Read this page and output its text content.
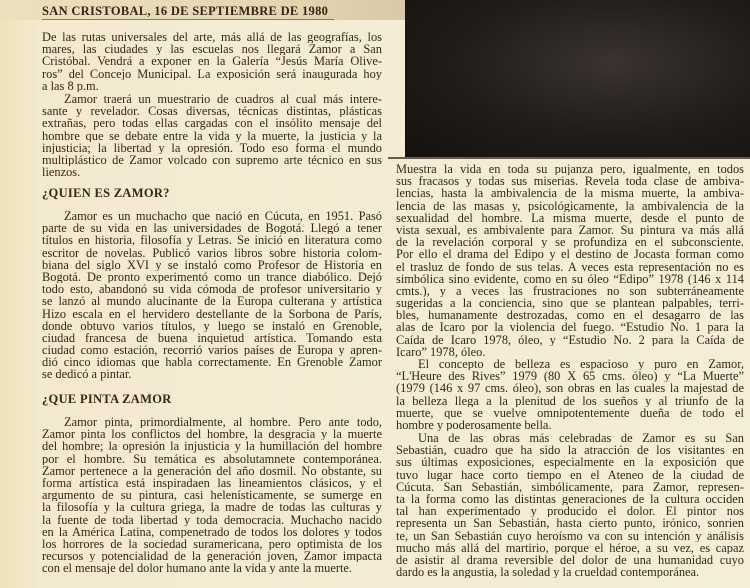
SAN CRISTOBAL, 16 DE SEPTIEMBRE DE 1980
De las rutas universales del arte, más allá de las geografías, los
mares, las ciudades y las escuelas nos llegará Zamor a San
Cristóbal. Vendrá a exponer en la Galería “Jesús María Olive-
ros” del Concejo Municipal. La exposición será inaugurada hoy
a las 8 p.m.
Zamor traerá un muestrario de cuadros al cual más intere-
sante y revelador. Cosas diversas, técnicas distintas, plásticas
extrañas, pero todas ellas cargadas con el insólito mensaje del
hombre que se debate entre la vida y la muerte, la justicia y la
injusticia; la libertad y la opresión. Todo eso forma el mundo
multiplástico de Zamor volcado con supremo arte técnico en sus
lienzos.
¿QUIEN ES ZAMOR?
Zamor es un muchacho que nació en Cúcuta, en 1951. Pasó
parte de su vida en las universidades de Bogotá. Llegó a tener
títulos en historia, filosofía y Letras. Se inició en literatura como
escritor de novelas. Publicó varios libros sobre historia colom-
biana del siglo XVI y se instaló como Profesor de Historia en
Bogotá. De pronto experimentó como un trance diabólico. Dejó
todo esto, abandonó su vida cómoda de profesor universitario y
se lanzó al mundo alucinante de la Europa culterana y artística
Hizo escala en el hervidero destellante de la Sorbona de París,
donde obtuvo varios títulos, y luego se instaló en Grenoble,
ciudad francesa de buena inquietud artística. Tomando esta
ciudad como estación, recorrió varios países de Europa y apren-
dió cinco idiomas que habla correctamente. En Grenoble Zamor
se dedicó a pintar.
¿QUE PINTA ZAMOR
Zamor pinta, primordialmente, al hombre. Pero ante todo,
Zamor pinta los conflictos del hombre, la desgracia y la muerte
del hombre; la opresión la injusticia y la humillación del hombre
por el hombre. Su temática es absolutamnete contemporánea.
Zamor pertenece a la generación del año dosmil. No obstante, su
forma artística está inspiradaen las lineamientos clásicos, y el
argumento de su pintura, casi helenísticamente, se sumerge en
la filosofía y la cultura griega, la madre de todas las culturas y
la fuente de toda libertad y toda democracia. Muchacho nacido
en la América Latina, compenetrado de todos los dolores y todos
los horrores de la sociedad suramericana, pero optimista de los
recursos y potencialidad de la generación joven, Zamor impacta
con el mensaje del dolor humano ante la vida y ante la muerte.
Muestra la vida en toda su pujanza pero, igualmente, en todos
sus fracasos y todas sus miserias. Revela toda clase de ambiva-
lencias, hasta la ambivalencia de la misma muerte, la ambiva-
lencia de las masas y, psicológicamente, la ambivalencia de la
sexualidad del hombre. La misma muerte, desde el punto de
vista sexual, es ambivalente para Zamor. Su pintura va más allá
de la revelación corporal y se profundiza en el subconsciente.
Por ello el drama del Edipo y el destino de Jocasta forman como
el trasluz de fondo de sus telas. A veces esta representación no es
simbólica sino evidente, como en su óleo “Edipo” 1978 (146 x 114
cmts.), y a veces las frustraciones no son subterráneamente
sugeridas a la conciencia, sino que se plantean palpables, terri-
bles, humanamente destrozadas, como en el desagarro de las
alas de Icaro por la violencia del fuego. “Estudio No. 1 para la
Caída de Icaro 1978, óleo, y “Estudio No. 2 para la Caída de
Icaro” 1978, óleo.
El concepto de belleza es espacioso y puro en Zamor,
“L'Heure des Rives” 1979 (80 X 65 cms. óleo) y “La Muerte”
(1979 (146 x 97 cms. óleo), son obras en las cuales la majestad de
la belleza llega a la plenitud de los sueños y al triunfo de la
muerte, que se vuelve omnipotentemente dueña de todo el
hombre y poderosamente bella.
Una de las obras más celebradas de Zamor es su San
Sebastián, cuadro que ha sido la atracción de los visitantes en
sus últimas exposiciones, especialmente en la exposición que
tuvo lugar hace corto tiempo en el Ateneo de la ciudad de
Cúcuta. San Sebastián, simbólicamente, para Zamor, represen-
ta la forma como las distintas generaciones de la cultura occiden
tal han experimentado y producido el dolor. El pintor nos
representa un San Sebastián, hasta cierto punto, irónico, sonrien
te, un San Sebastián cuyo heroísmo va con su intención y análisis
mucho más allá del martirio, porque el héroe, a su vez, es capaz
de asistir al drama reversible del dolor de una humanidad cuyo
dardo es la angustia, la soledad y la crueldad contemporánea.
